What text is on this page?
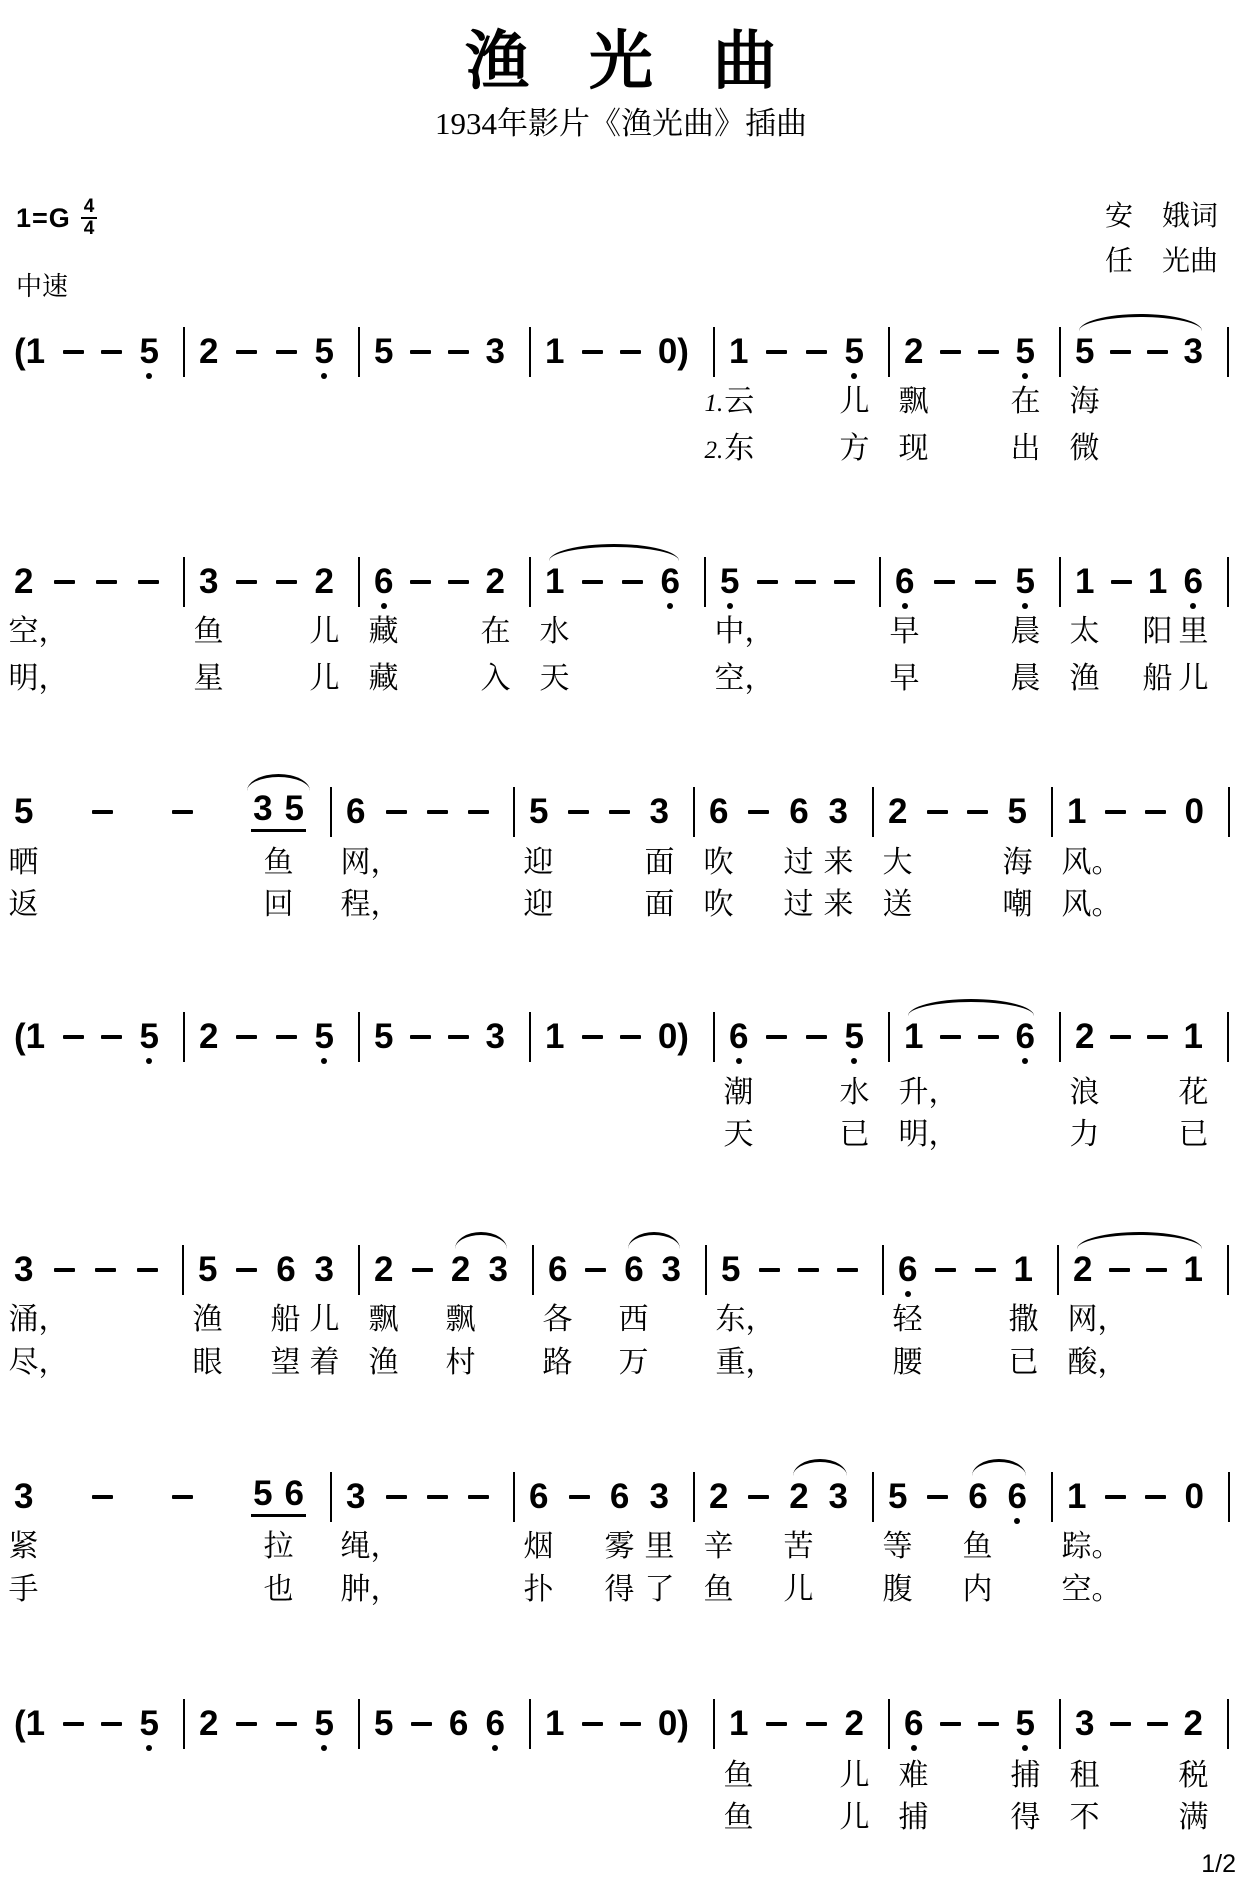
渔 光 曲
1934年影片《渔光曲》插曲
$1=G \frac{4}{4}$	安 娥词
任 光曲
中速
(1	5 2	5 5	3 1	0) 1	5 2	5 5	3
2	3	2 6	2 1	6 5	6	5 1 1 6
5	3 5 6	5	3 6 6 3 2	5 1	0
(1	5 2	5 5	3 1	0) 6	5 1	6 2	1
3	5 6 3 2 2 3 6 6 3 5	6	1 2	1
3	5 6 3	6 6 3 2 2 3 5 6 6 1	0
(1	5 2	5 5 6 6 1	0) 1	2 6	5 3	2
1/2
1.云	儿 飘	在 海
2.东	方 现	出 微
空，	鱼	儿 藏	在 水	中，	早	晨 太 阳 里
明，	星	儿 藏	入 天	空，	早	晨 渔 船 儿
晒	鱼 网，	迎	面 吹 过 来 大	海 风。
返	回 程，	迎	面 吹 过 来 送	嘲 风。
潮	水 升，	浪	花
天	已 明，	力	已
涌，	渔 船 儿 飘 飘 各 西 东，	轻	撒 网，
尽，	眼 望 着 渔 村 路 万 重，	腰	已 酸，
紧	拉 绳，	烟 雾 里 辛 苦 等 鱼 踪。
手	也 肿，	扑 得 了 鱼 儿 腹 内 空。
鱼	儿 难	捕 租	税
鱼	儿 捕	得 不	满
